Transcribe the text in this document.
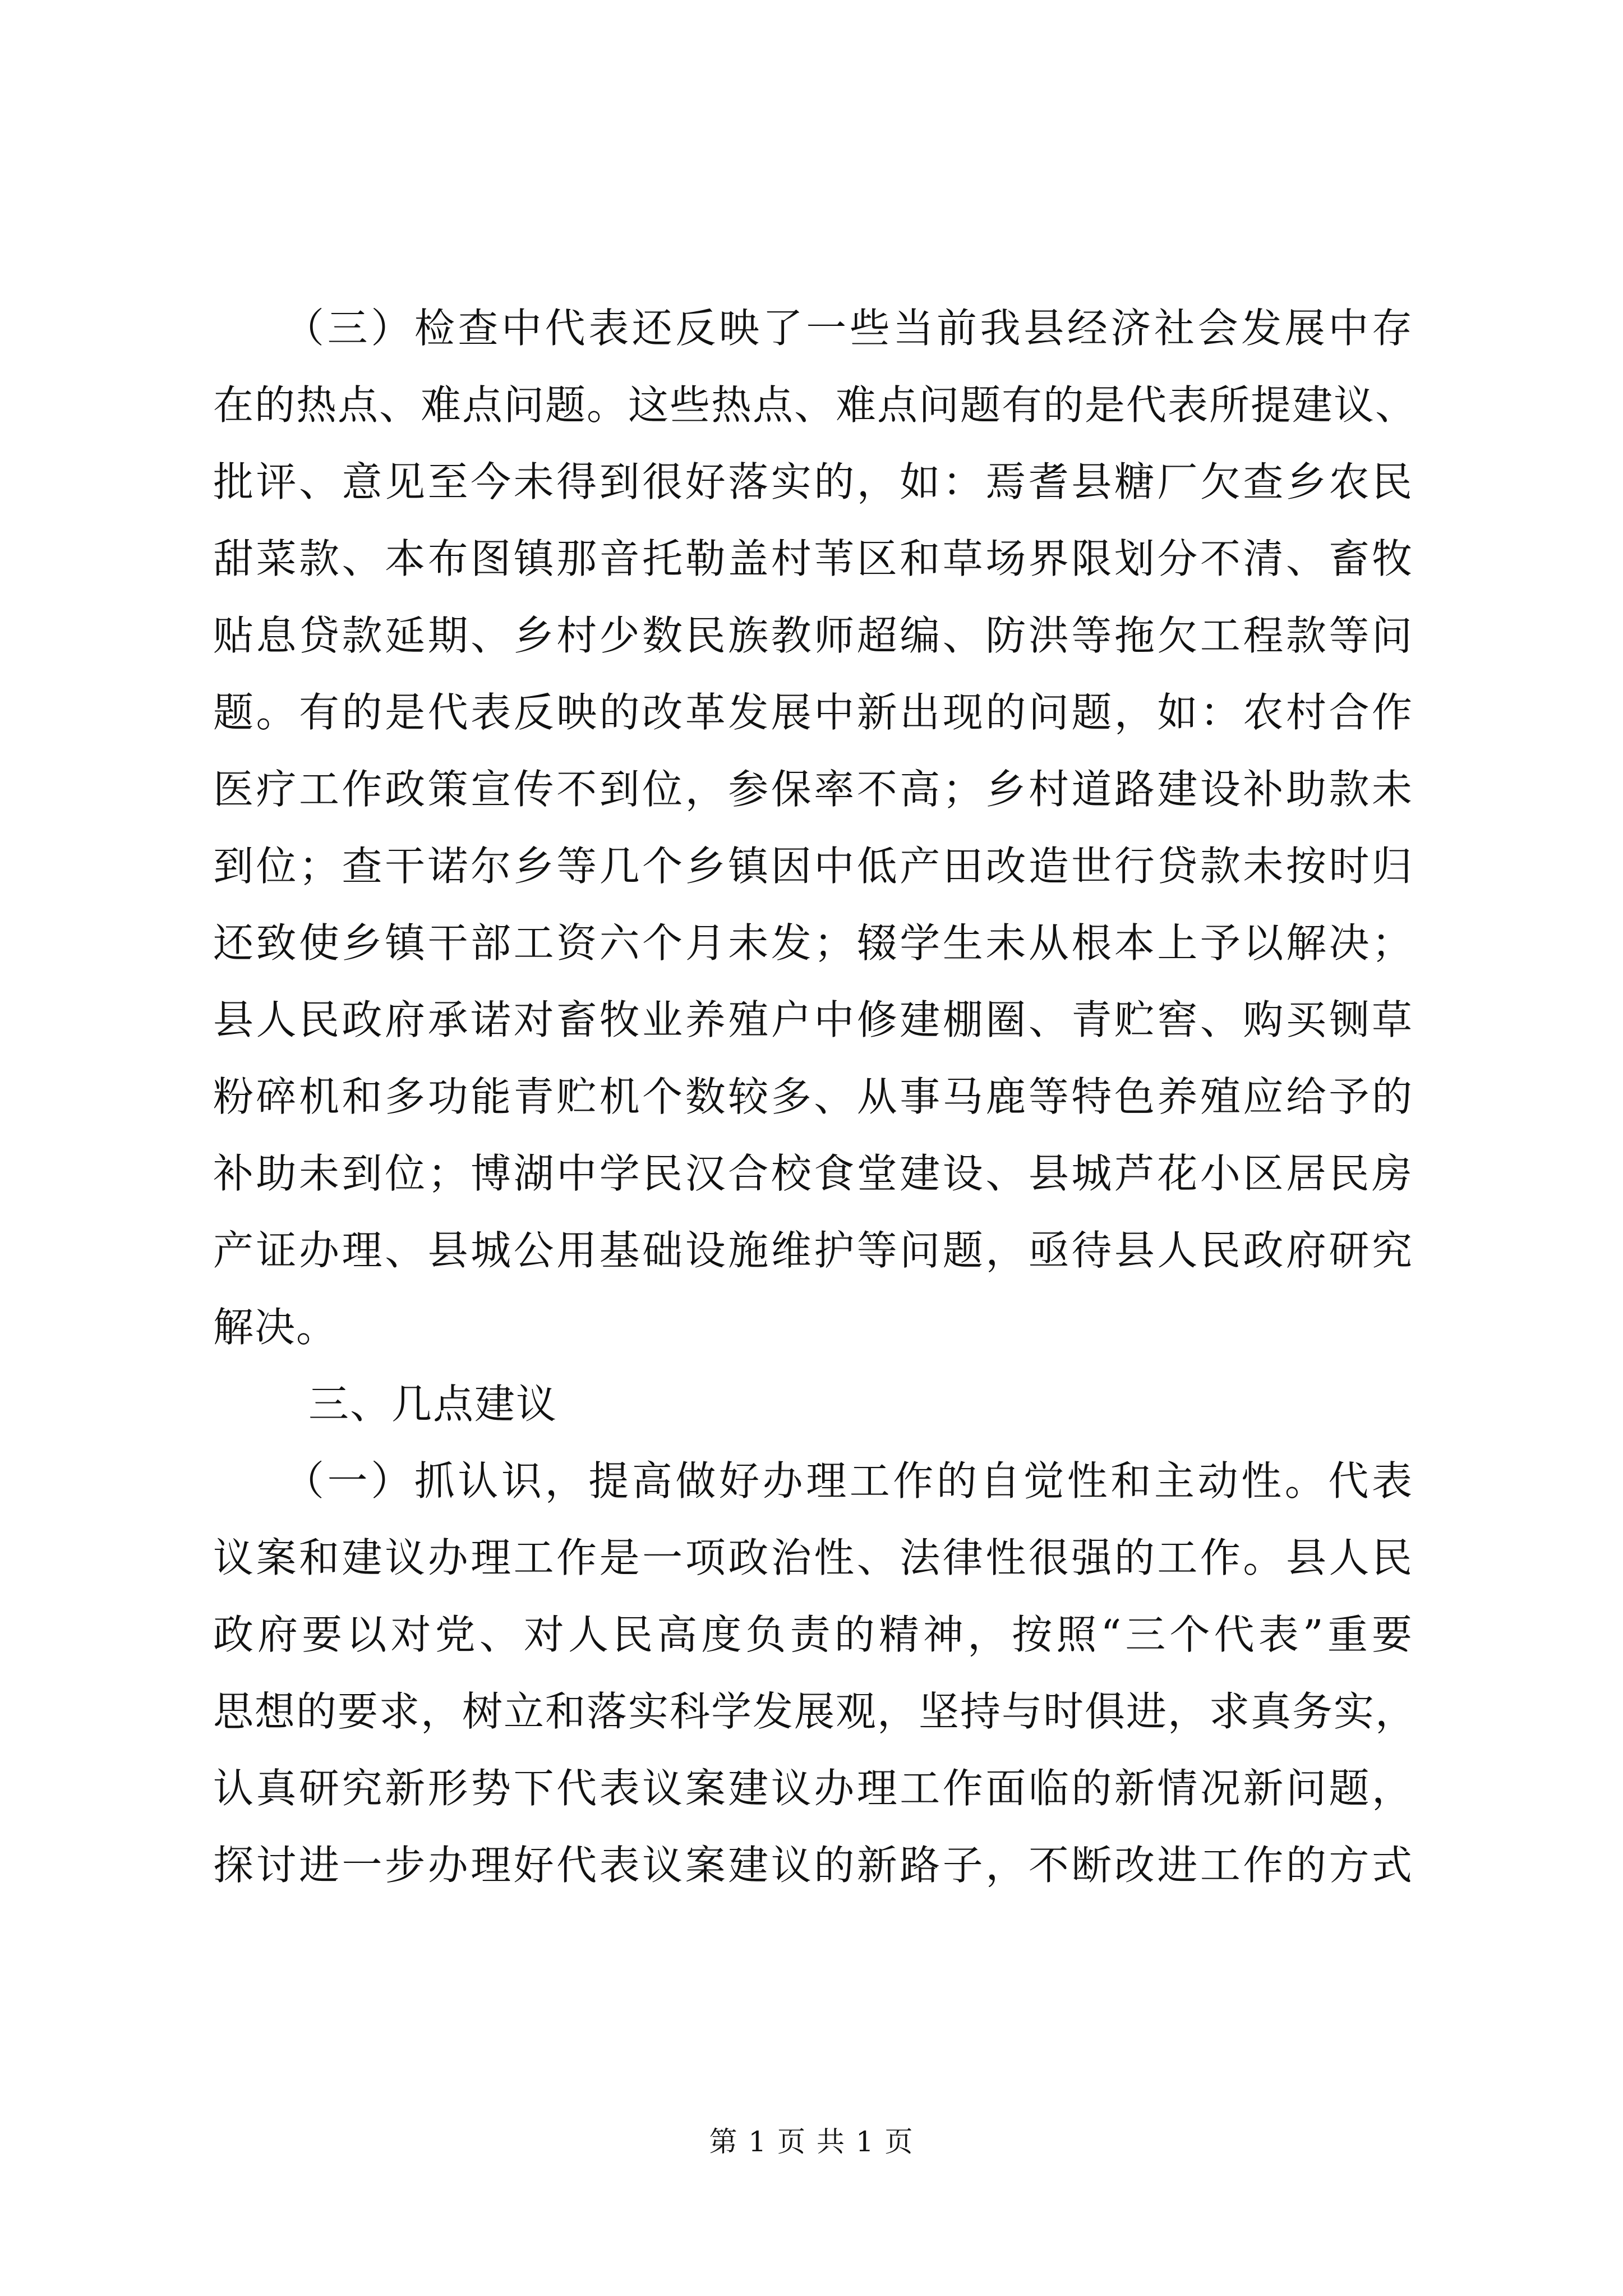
（三）检查中代表还反映了一些当前我县经济社会发展中存
在的热点、难点问题。这些热点、难点问题有的是代表所提建议、
批评、意见至今未得到很好落实的，如：焉耆县糖厂欠查乡农民
甜菜款、本布图镇那音托勒盖村苇区和草场界限划分不清、畜牧
贴息贷款延期、乡村少数民族教师超编、防洪等拖欠工程款等问
题。有的是代表反映的改革发展中新出现的问题，如：农村合作
医疗工作政策宣传不到位，参保率不高；乡村道路建设补助款未
到位；查干诺尔乡等几个乡镇因中低产田改造世行贷款未按时归
还致使乡镇干部工资六个月未发；辍学生未从根本上予以解决；
县人民政府承诺对畜牧业养殖户中修建棚圈、青贮窖、购买铡草
粉碎机和多功能青贮机个数较多、从事马鹿等特色养殖应给予的
补助未到位；博湖中学民汉合校食堂建设、县城芦花小区居民房
产证办理、县城公用基础设施维护等问题，亟待县人民政府研究
解决。
三、几点建议
（一）抓认识，提高做好办理工作的自觉性和主动性。代表
议案和建议办理工作是一项政治性、法律性很强的工作。县人民
政府要以对党、对人民高度负责的精神，按照“三个代表”重要
思想的要求，树立和落实科学发展观，坚持与时俱进，求真务实，
认真研究新形势下代表议案建议办理工作面临的新情况新问题，
探讨进一步办理好代表议案建议的新路子，不断改进工作的方式
第 1 页 共 1 页
